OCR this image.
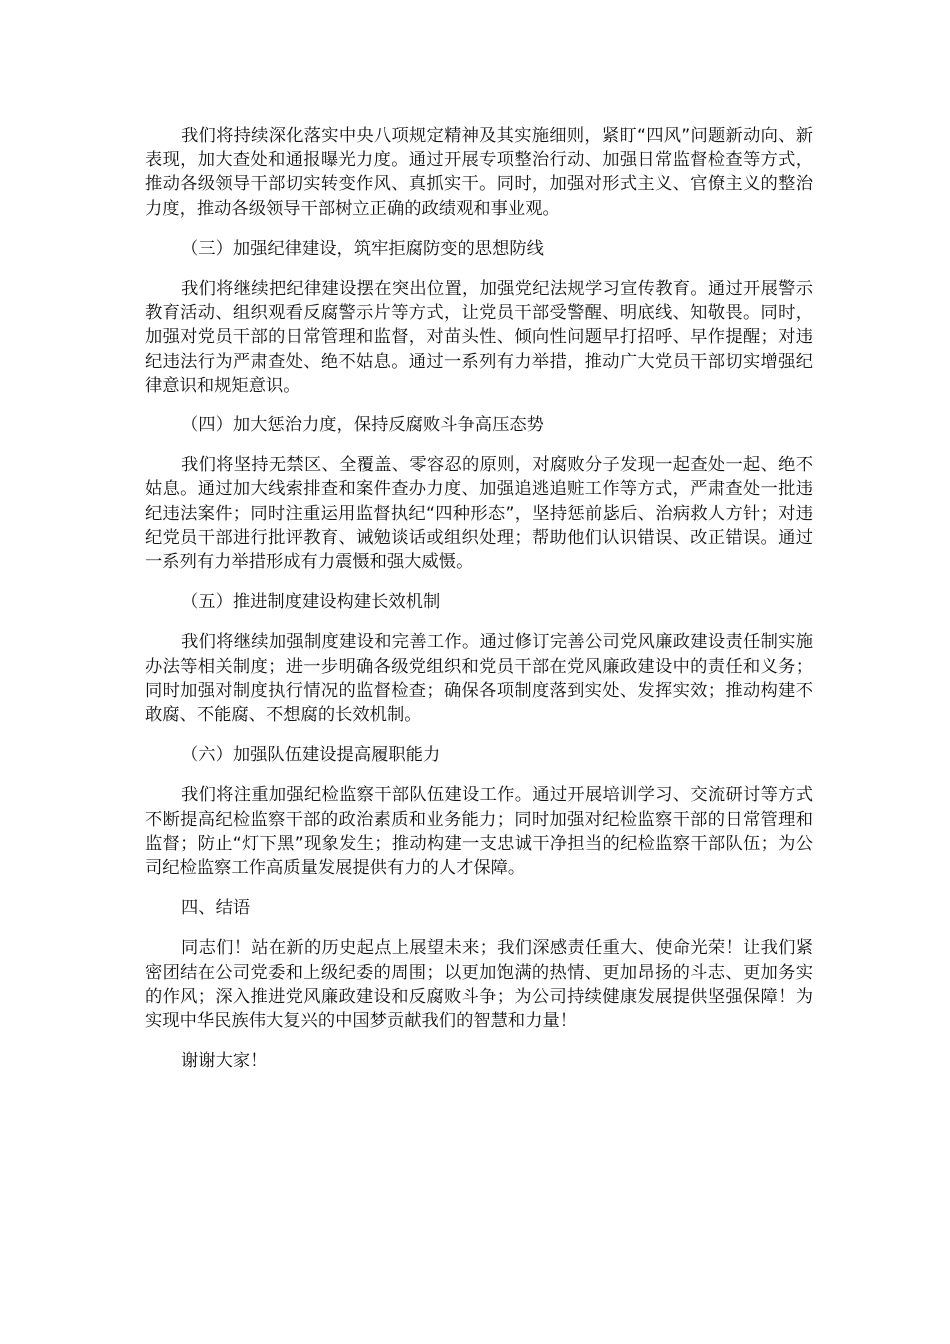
我们将持续深化落实中央八项规定精神及其实施细则，紧盯“四风”问题新动向、新表现，加大查处和通报曝光力度。通过开展专项整治行动、加强日常监督检查等方式，推动各级领导干部切实转变作风、真抓实干。同时，加强对形式主义、官僚主义的整治力度，推动各级领导干部树立正确的政绩观和事业观。

（三）加强纪律建设，筑牢拒腐防变的思想防线

我们将继续把纪律建设摆在突出位置，加强党纪法规学习宣传教育。通过开展警示教育活动、组织观看反腐警示片等方式，让党员干部受警醒、明底线、知敬畏。同时，加强对党员干部的日常管理和监督，对苗头性、倾向性问题早打招呼、早作提醒；对违纪违法行为严肃查处、绝不姑息。通过一系列有力举措，推动广大党员干部切实增强纪律意识和规矩意识。

（四）加大惩治力度，保持反腐败斗争高压态势

我们将坚持无禁区、全覆盖、零容忍的原则，对腐败分子发现一起查处一起、绝不姑息。通过加大线索排查和案件查办力度、加强追逃追赃工作等方式，严肃查处一批违纪违法案件；同时注重运用监督执纪“四种形态”，坚持惩前毖后、治病救人方针；对违纪党员干部进行批评教育、诫勉谈话或组织处理；帮助他们认识错误、改正错误。通过一系列有力举措形成有力震慑和强大威慑。

（五）推进制度建设构建长效机制

我们将继续加强制度建设和完善工作。通过修订完善公司党风廉政建设责任制实施办法等相关制度；进一步明确各级党组织和党员干部在党风廉政建设中的责任和义务；同时加强对制度执行情况的监督检查；确保各项制度落到实处、发挥实效；推动构建不敢腐、不能腐、不想腐的长效机制。

（六）加强队伍建设提高履职能力

我们将注重加强纪检监察干部队伍建设工作。通过开展培训学习、交流研讨等方式不断提高纪检监察干部的政治素质和业务能力；同时加强对纪检监察干部的日常管理和监督；防止“灯下黑”现象发生；推动构建一支忠诚干净担当的纪检监察干部队伍；为公司纪检监察工作高质量发展提供有力的人才保障。

四、结语

同志们！站在新的历史起点上展望未来；我们深感责任重大、使命光荣！让我们紧密团结在公司党委和上级纪委的周围；以更加饱满的热情、更加昂扬的斗志、更加务实的作风；深入推进党风廉政建设和反腐败斗争；为公司持续健康发展提供坚强保障！为实现中华民族伟大复兴的中国梦贡献我们的智慧和力量！

谢谢大家！
